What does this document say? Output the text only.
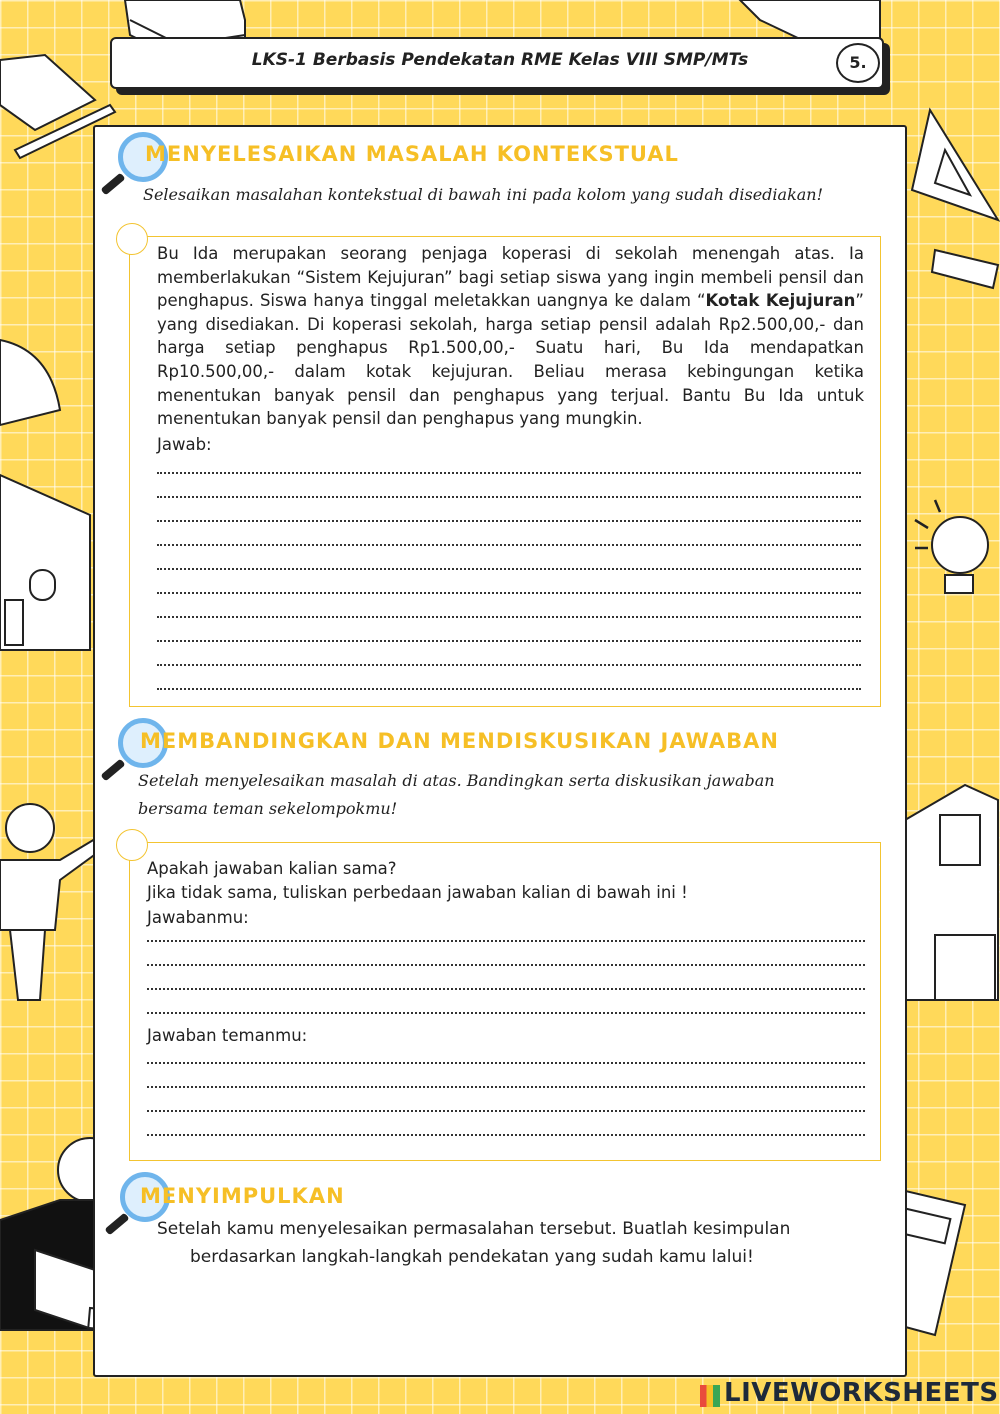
LKS-1 Berbasis Pendekatan RME Kelas VIII SMP/MTs	5.
MENYELESAIKAN MASALAH KONTEKSTUAL
Selesaikan masalahan kontekstual di bawah ini pada kolom yang sudah disediakan!
Bu Ida merupakan seorang penjaga koperasi di sekolah menengah atas. Ia memberlakukan “Sistem Kejujuran” bagi setiap siswa yang ingin membeli pensil dan penghapus. Siswa hanya tinggal meletakkan uangnya ke dalam “Kotak Kejujuran” yang disediakan. Di koperasi sekolah, harga setiap pensil adalah Rp2.500,00,- dan harga setiap penghapus Rp1.500,00,- Suatu hari, Bu Ida mendapatkan Rp10.500,00,- dalam kotak kejujuran. Beliau merasa kebingungan ketika menentukan banyak pensil dan penghapus yang terjual. Bantu Bu Ida untuk menentukan banyak pensil dan penghapus yang mungkin.
Jawab:
MEMBANDINGKAN DAN MENDISKUSIKAN JAWABAN
Setelah menyelesaikan masalah di atas. Bandingkan serta diskusikan jawaban
bersama teman sekelompokmu!
Apakah jawaban kalian sama?
Jika tidak sama, tuliskan perbedaan jawaban kalian di bawah ini !
Jawabanmu:
Jawaban temanmu:
MENYIMPULKAN
Setelah kamu menyelesaikan permasalahan tersebut. Buatlah kesimpulan
berdasarkan langkah-langkah pendekatan yang sudah kamu lalui!
LIVEWORKSHEETS
